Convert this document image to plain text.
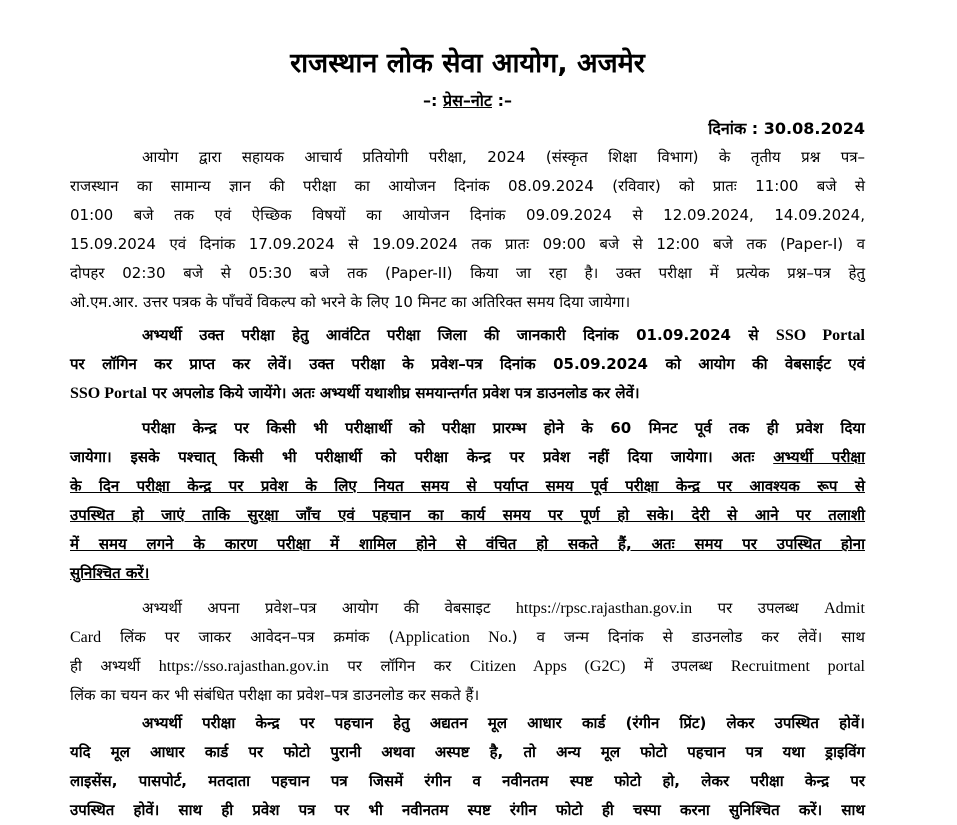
राजस्थान लोक सेवा आयोग, अजमेर
–: प्रेस–नोट :–
दिनांक : 30.08.2024
आयोग द्वारा सहायक आचार्य प्रतियोगी परीक्षा, 2024 (संस्कृत शिक्षा विभाग) के तृतीय प्रश्न पत्र–
राजस्थान का सामान्य ज्ञान की परीक्षा का आयोजन दिनांक 08.09.2024 (रविवार) को प्रातः 11:00 बजे से
01:00 बजे तक एवं ऐच्छिक विषयों का आयोजन दिनांक 09.09.2024 से 12.09.2024, 14.09.2024,
15.09.2024 एवं दिनांक 17.09.2024 से 19.09.2024 तक प्रातः 09:00 बजे से 12:00 बजे तक (Paper-I) व
दोपहर 02:30 बजे से 05:30 बजे तक (Paper-II) किया जा रहा है। उक्त परीक्षा में प्रत्येक प्रश्न–पत्र हेतु
ओ.एम.आर. उत्तर पत्रक के पाँचवें विकल्प को भरने के लिए 10 मिनट का अतिरिक्त समय दिया जायेगा।
अभ्यर्थी उक्त परीक्षा हेतु आवंटित परीक्षा जिला की जानकारी दिनांक 01.09.2024 से SSO Portal
पर लॉगिन कर प्राप्त कर लेवें। उक्त परीक्षा के प्रवेश–पत्र दिनांक 05.09.2024 को आयोग की वेबसाईट एवं
SSO Portal पर अपलोड किये जायेंगे। अतः अभ्यर्थी यथाशीघ्र समयान्तर्गत प्रवेश पत्र डाउनलोड कर लेवें।
परीक्षा केन्द्र पर किसी भी परीक्षार्थी को परीक्षा प्रारम्भ होने के 60 मिनट पूर्व तक ही प्रवेश दिया
जायेगा। इसके पश्चात् किसी भी परीक्षार्थी को परीक्षा केन्द्र पर प्रवेश नहीं दिया जायेगा। अतः अभ्यर्थी परीक्षा
के दिन परीक्षा केन्द्र पर प्रवेश के लिए नियत समय से पर्याप्त समय पूर्व परीक्षा केन्द्र पर आवश्यक रूप से
उपस्थित हो जाएं ताकि सुरक्षा जाँच एवं पहचान का कार्य समय पर पूर्ण हो सके। देरी से आने पर तलाशी
में समय लगने के कारण परीक्षा में शामिल होने से वंचित हो सकते हैं, अतः समय पर उपस्थित होना
सुनिश्चित करें।
अभ्यर्थी अपना प्रवेश–पत्र आयोग की वेबसाइट https://rpsc.rajasthan.gov.in पर उपलब्ध Admit
Card लिंक पर जाकर आवेदन–पत्र क्रमांक (Application No.) व जन्म दिनांक से डाउनलोड कर लेवें। साथ
ही अभ्यर्थी https://sso.rajasthan.gov.in पर लॉगिन कर Citizen Apps (G2C) में उपलब्ध Recruitment portal
लिंक का चयन कर भी संबंधित परीक्षा का प्रवेश–पत्र डाउनलोड कर सकते हैं।
अभ्यर्थी परीक्षा केन्द्र पर पहचान हेतु अद्यतन मूल आधार कार्ड (रंगीन प्रिंट) लेकर उपस्थित होवें।
यदि मूल आधार कार्ड पर फोटो पुरानी अथवा अस्पष्ट है, तो अन्य मूल फोटो पहचान पत्र यथा ड्राइविंग
लाइसेंस, पासपोर्ट, मतदाता पहचान पत्र जिसमें रंगीन व नवीनतम स्पष्ट फोटो हो, लेकर परीक्षा केन्द्र पर
उपस्थित होवें। साथ ही प्रवेश पत्र पर भी नवीनतम स्पष्ट रंगीन फोटो ही चस्पा करना सुनिश्चित करें। साथ
